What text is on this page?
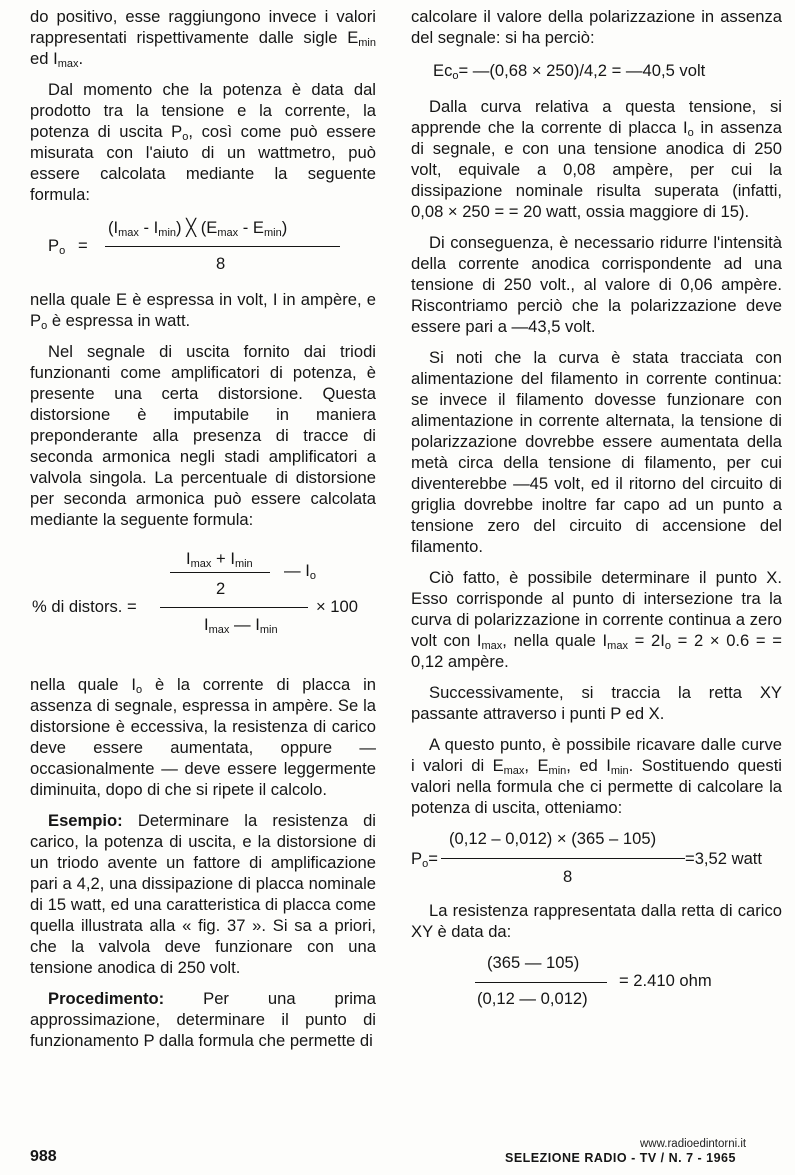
do positivo, esse raggiungono invece i valori rappresentati rispettivamente dalle sigle $E_{min}$ ed $I_{max}$.

Dal momento che la potenza è data dal prodotto tra la tensione e la corrente, la potenza di uscita $P_o$, così come può essere misurata con l'aiuto di un wattmetro, può essere calcolata mediante la seguente formula:

$P_o$ =
$(I_{max} - I_{min})$ ╳ $(E_{max} - E_{min})$
8

nella quale E è espressa in volt, I in ampère, e $P_o$ è espressa in watt.

Nel segnale di uscita fornito dai triodi funzionanti come amplificatori di potenza, è presente una certa distorsione. Questa distorsione è imputabile in maniera preponderante alla presenza di tracce di seconda armonica negli stadi amplificatori a valvola singola. La percentuale di distorsione per seconda armonica può essere calcolata mediante la seguente formula:

$I_{max} + I_{min}$ — $I_o$
2
% di distors. =	× 100
$I_{max}$ — $I_{min}$

nella quale $I_o$ è la corrente di placca in assenza di segnale, espressa in ampère. Se la distorsione è eccessiva, la resistenza di carico deve essere aumentata, oppure — occasionalmente — deve essere leggermente diminuita, dopo di che si ripete il calcolo.

Esempio: Determinare la resistenza di carico, la potenza di uscita, e la distorsione di un triodo avente un fattore di amplificazione pari a 4,2, una dissipazione di placca nominale di 15 watt, ed una caratteristica di placca come quella illustrata alla « fig. 37 ». Si sa a priori, che la valvola deve funzionare con una tensione anodica di 250 volt.

Procedimento: Per una prima approssimazione, determinare il punto di funzionamento P dalla formula che permette di

calcolare il valore della polarizzazione in assenza del segnale: si ha perciò:

$Ec_o=$ —(0,68 × 250)/4,2 = —40,5 volt

Dalla curva relativa a questa tensione, si apprende che la corrente di placca $I_o$ in assenza di segnale, e con una tensione anodica di 250 volt, equivale a 0,08 ampère, per cui la dissipazione nominale risulta superata (infatti, 0,08 × 250 = = 20 watt, ossia maggiore di 15).

Di conseguenza, è necessario ridurre l'intensità della corrente anodica corrispondente ad una tensione di 250 volt., al valore di 0,06 ampère. Riscontriamo perciò che la polarizzazione deve essere pari a —43,5 volt.

Si noti che la curva è stata tracciata con alimentazione del filamento in corrente continua: se invece il filamento dovesse funzionare con alimentazione in corrente alternata, la tensione di polarizzazione dovrebbe essere aumentata della metà circa della tensione di filamento, per cui diventerebbe —45 volt, ed il ritorno del circuito di griglia dovrebbe inoltre far capo ad un punto a tensione zero del circuito di accensione del filamento.

Ciò fatto, è possibile determinare il punto X. Esso corrisponde al punto di intersezione tra la curva di polarizzazione in corrente continua a zero volt con $I_{max}$, nella quale $I_{max} = 2I_o = 2 \times 0.6$ = = 0,12 ampère.

Successivamente, si traccia la retta XY passante attraverso i punti P ed X.

A questo punto, è possibile ricavare dalle curve i valori di $E_{max}$, $E_{min}$, ed $I_{min}$. Sostituendo questi valori nella formula che ci permette di calcolare la potenza di uscita, otteniamo:

$P_o=$
(0,12 – 0,012) × (365 – 105)
8
=3,52 watt

La resistenza rappresentata dalla retta di carico XY è data da:

(365 — 105)
(0,12 — 0,012)
= 2.410 ohm
988
www.radioedintorni.it
SELEZIONE RADIO - TV / N. 7 - 1965
